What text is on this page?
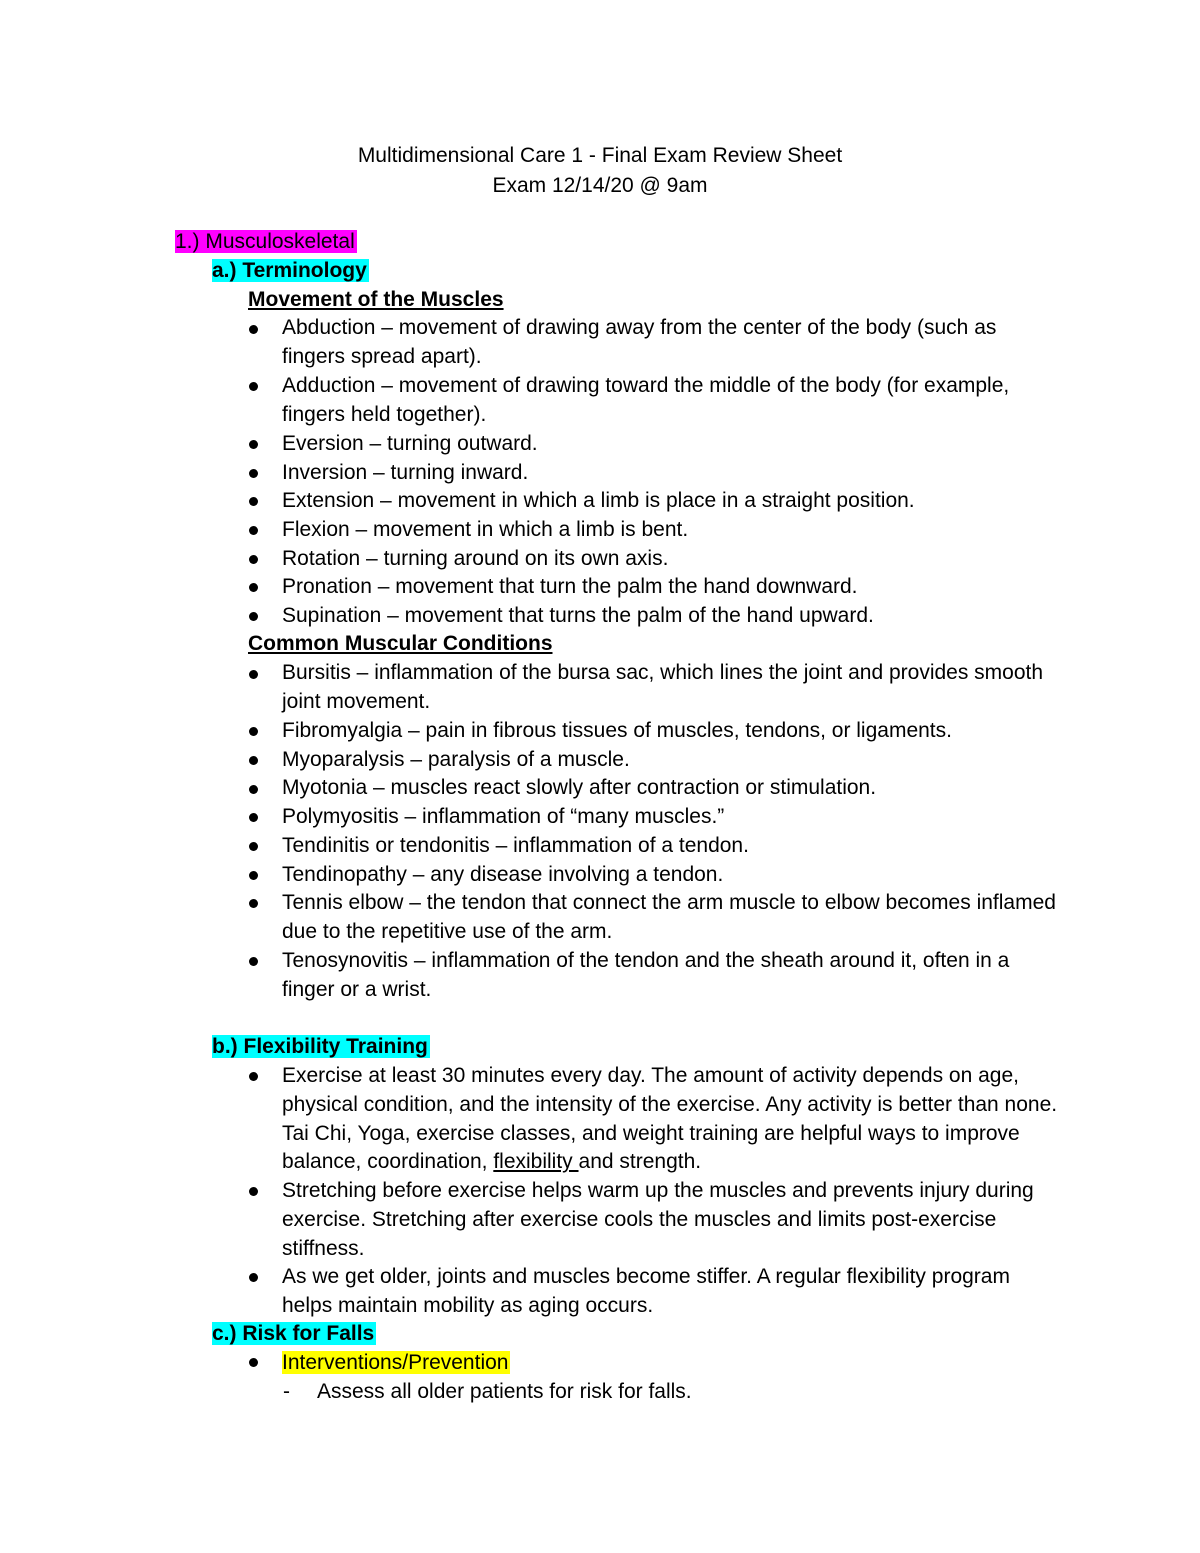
Multidimensional Care 1 - Final Exam Review Sheet
Exam 12/14/20 @ 9am
1.) Musculoskeletal
a.) Terminology
Movement of the Muscles
Abduction – movement of drawing away from the center of the body (such as fingers spread apart).
Adduction – movement of drawing toward the middle of the body (for example, fingers held together).
Eversion – turning outward.
Inversion – turning inward.
Extension – movement in which a limb is place in a straight position.
Flexion – movement in which a limb is bent.
Rotation – turning around on its own axis.
Pronation – movement that turn the palm the hand downward.
Supination – movement that turns the palm of the hand upward.
Common Muscular Conditions
Bursitis – inflammation of the bursa sac, which lines the joint and provides smooth joint movement.
Fibromyalgia – pain in fibrous tissues of muscles, tendons, or ligaments.
Myoparalysis – paralysis of a muscle.
Myotonia – muscles react slowly after contraction or stimulation.
Polymyositis – inflammation of “many muscles.”
Tendinitis or tendonitis – inflammation of a tendon.
Tendinopathy – any disease involving a tendon.
Tennis elbow – the tendon that connect the arm muscle to elbow becomes inflamed due to the repetitive use of the arm.
Tenosynovitis – inflammation of the tendon and the sheath around it, often in a finger or a wrist.
b.) Flexibility Training
Exercise at least 30 minutes every day. The amount of activity depends on age, physical condition, and the intensity of the exercise. Any activity is better than none. Tai Chi, Yoga, exercise classes, and weight training are helpful ways to improve balance, coordination, flexibility and strength.
Stretching before exercise helps warm up the muscles and prevents injury during exercise. Stretching after exercise cools the muscles and limits post-exercise stiffness.
As we get older, joints and muscles become stiffer. A regular flexibility program helps maintain mobility as aging occurs.
c.) Risk for Falls
Interventions/Prevention
- Assess all older patients for risk for falls.
